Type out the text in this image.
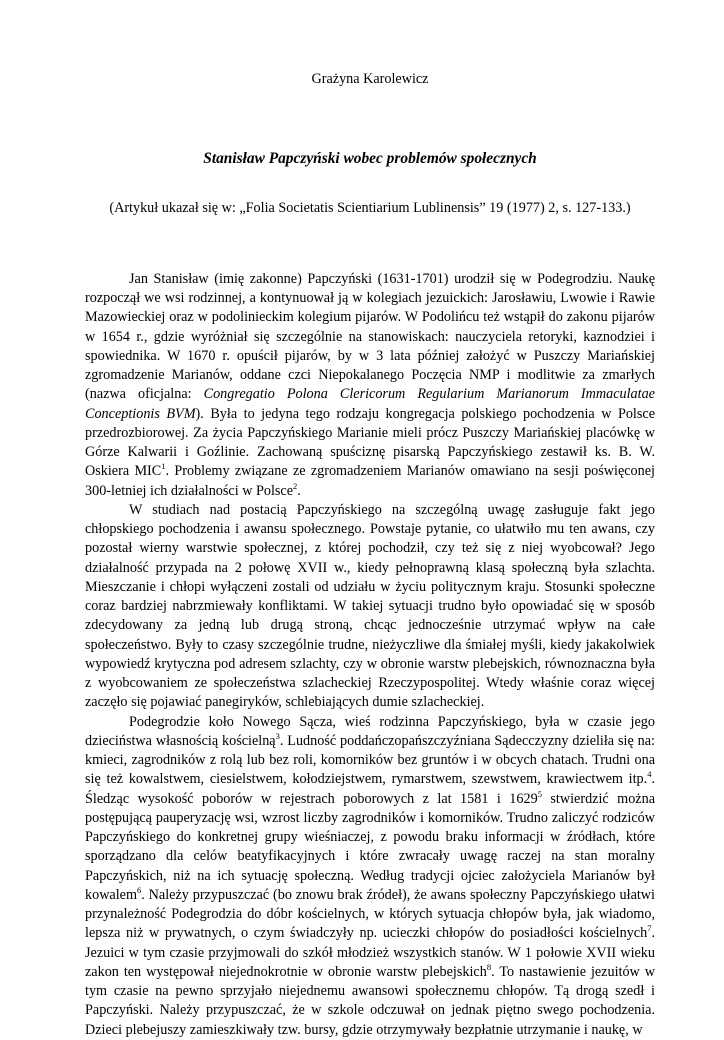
Grażyna Karolewicz

Stanisław Papczyński wobec problemów społecznych

(Artykuł ukazał się w: „Folia Societatis Scientiarium Lublinensis” 19 (1977) 2, s. 127-133.)

Jan Stanisław (imię zakonne) Papczyński (1631-1701) urodził się w Podegrodziu. Naukę rozpoczął we wsi rodzinnej, a kontynuował ją w kolegiach jezuickich: Jarosławiu, Lwowie i Rawie Mazowieckiej oraz w podolinieckim kolegium pijarów. W Podolińcu też wstąpił do zakonu pijarów w 1654 r., gdzie wyróżniał się szczególnie na stanowiskach: nauczyciela retoryki, kaznodziei i spowiednika. W 1670 r. opuścił pijarów, by w 3 lata później założyć w Puszczy Mariańskiej zgromadzenie Marianów, oddane czci Niepokalanego Poczęcia NMP i modlitwie za zmarłych (nazwa oficjalna: Congregatio Polona Clericorum Regularium Marianorum Immaculatae Conceptionis BVM). Była to jedyna tego rodzaju kongregacja polskiego pochodzenia w Polsce przedrozbiorowej. Za życia Papczyńskiego Marianie mieli prócz Puszczy Mariańskiej placówkę w Górze Kalwarii i Goźlinie. Zachowaną spuściznę pisarską Papczyńskiego zestawił ks. B. W. Oskiera MIC$^1$. Problemy związane ze zgromadzeniem Marianów omawiano na sesji poświęconej 300-letniej ich działalności w Polsce$^2$.

W studiach nad postacią Papczyńskiego na szczególną uwagę zasługuje fakt jego chłopskiego pochodzenia i awansu społecznego. Powstaje pytanie, co ułatwiło mu ten awans, czy pozostał wierny warstwie społecznej, z której pochodził, czy też się z niej wyobcował? Jego działalność przypada na 2 połowę XVII w., kiedy pełnoprawną klasą społeczną była szlachta. Mieszczanie i chłopi wyłączeni zostali od udziału w życiu politycznym kraju. Stosunki społeczne coraz bardziej nabrzmiewały konfliktami. W takiej sytuacji trudno było opowiadać się w sposób zdecydowany za jedną lub drugą stroną, chcąc jednocześnie utrzymać wpływ na całe społeczeństwo. Były to czasy szczególnie trudne, nieżyczliwe dla śmiałej myśli, kiedy jakakolwiek wypowiedź krytyczna pod adresem szlachty, czy w obronie warstw plebejskich, równoznaczna była z wyobcowaniem ze społeczeństwa szlacheckiej Rzeczypospolitej. Wtedy właśnie coraz więcej zaczęło się pojawiać panegiryków, schlebiających dumie szlacheckiej.

Podegrodzie koło Nowego Sącza, wieś rodzinna Papczyńskiego, była w czasie jego dzieciństwa własnością kościelną$^3$. Ludność poddańczopańszczyźniana Sądecczyzny dzieliła się na: kmieci, zagrodników z rolą lub bez roli, komorników bez gruntów i w obcych chatach. Trudni ona się też kowalstwem, ciesielstwem, kołodziejstwem, rymarstwem, szewstwem, krawiectwem itp.$^4$. Śledząc wysokość poborów w rejestrach poborowych z lat 1581 i 1629$^5$ stwierdzić można postępującą pauperyzację wsi, wzrost liczby zagrodników i komorników. Trudno zaliczyć rodziców Papczyńskiego do konkretnej grupy wieśniaczej, z powodu braku informacji w źródłach, które sporządzano dla celów beatyfikacyjnych i które zwracały uwagę raczej na stan moralny Papczyńskich, niż na ich sytuację społeczną. Według tradycji ojciec założyciela Marianów był kowalem$^6$. Należy przypuszczać (bo znowu brak źródeł), że awans społeczny Papczyńskiego ułatwi przynależność Podegrodzia do dóbr kościelnych, w których sytuacja chłopów była, jak wiadomo, lepsza niż w prywatnych, o czym świadczyły np. ucieczki chłopów do posiadłości kościelnych$^7$. Jezuici w tym czasie przyjmowali do szkół młodzież wszystkich stanów. W 1 połowie XVII wieku zakon ten występował niejednokrotnie w obronie warstw plebejskich$^8$. To nastawienie jezuitów w tym czasie na pewno sprzyjało niejednemu awansowi społecznemu chłopów. Tą drogą szedł i Papczyński. Należy przypuszczać, że w szkole odczuwał on jednak piętno swego pochodzenia. Dzieci plebejuszy zamieszkiwały tzw. bursy, gdzie otrzymywały bezpłatnie utrzymanie i naukę, w
